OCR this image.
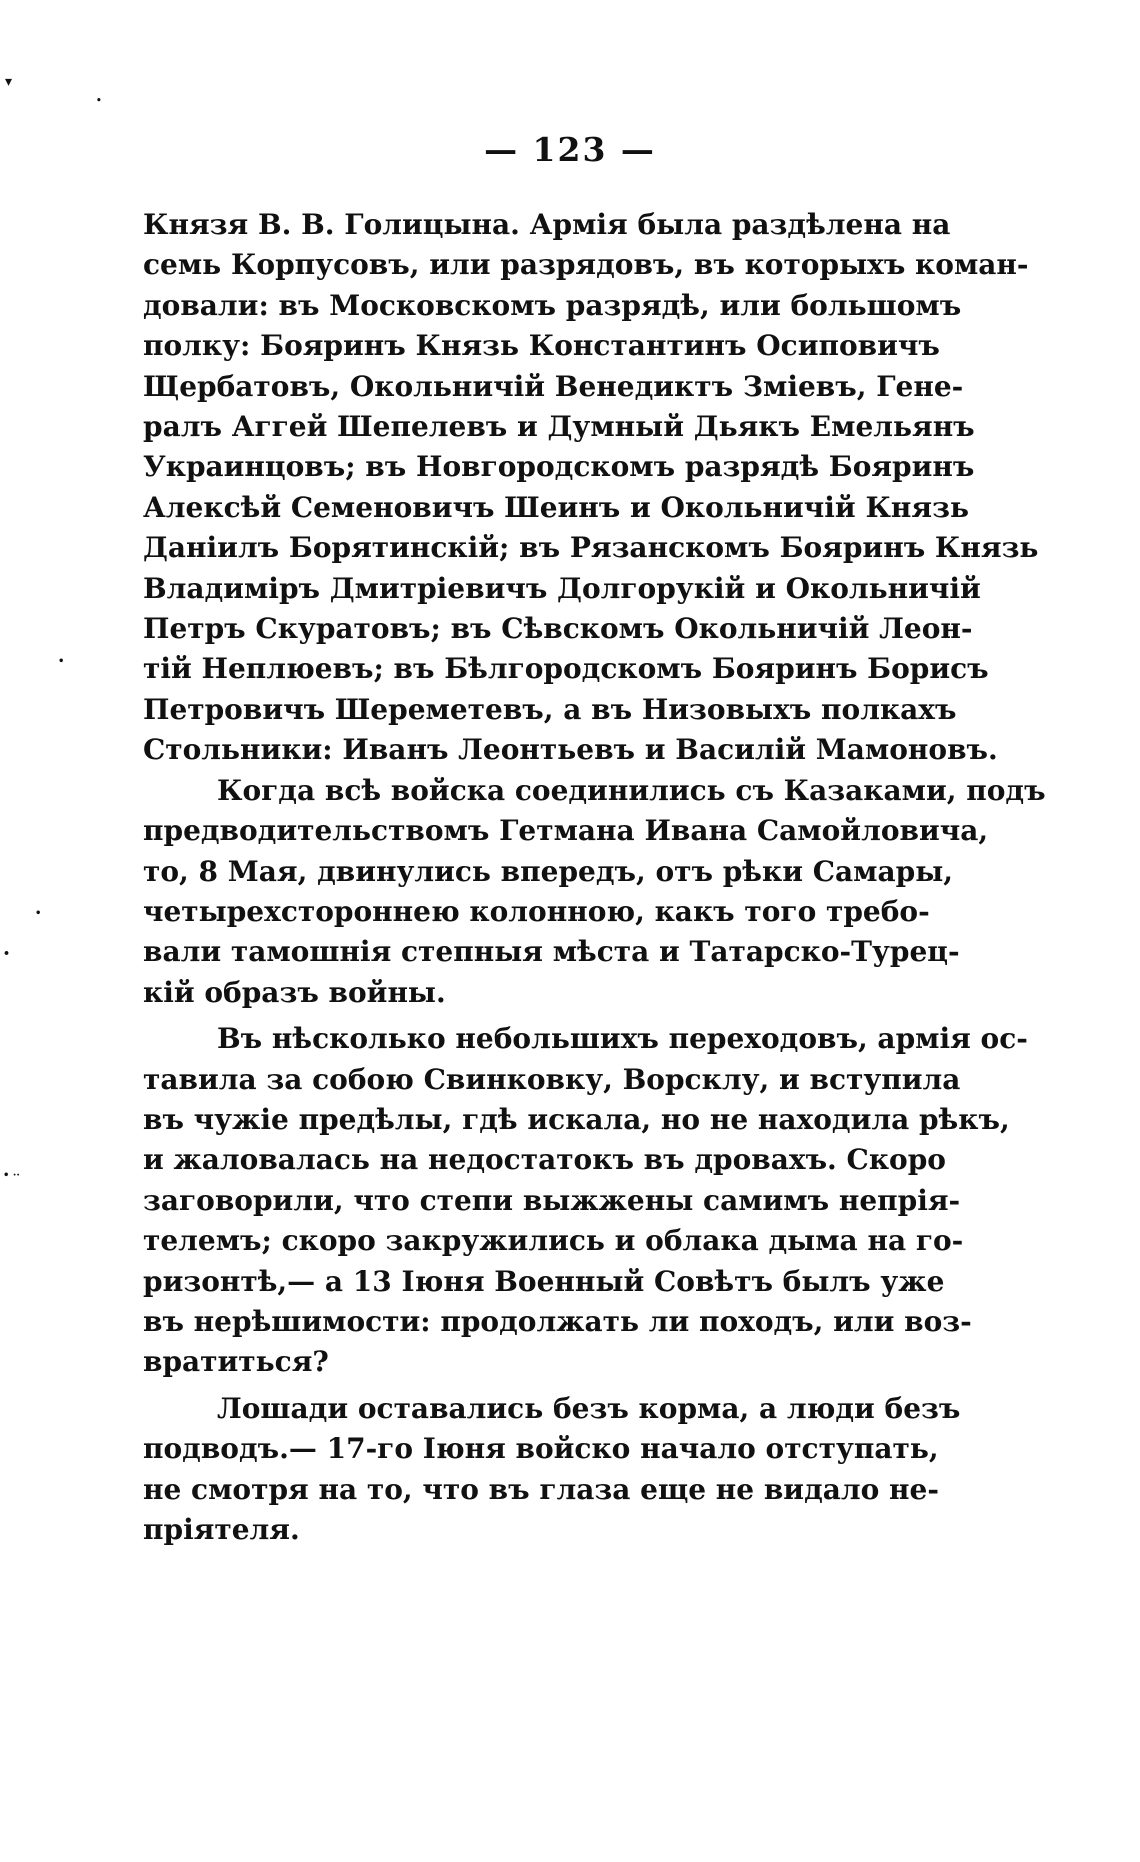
▾
•
•
•
•
• ··
— 123 —
Князя В. В. Голицына. Армія была раздѣлена на
семь Корпусовъ, или разрядовъ, въ которыхъ коман-
довали: въ Московскомъ разрядѣ, или большомъ
полку: Бояринъ Князь Константинъ Осиповичъ
Щербатовъ, Окольничій Венедиктъ Зміевъ, Гене-
ралъ Аггей Шепелевъ и Думный Дьякъ Емельянъ
Украинцовъ; въ Новгородскомъ разрядѣ Бояринъ
Алексѣй Семеновичъ Шеинъ и Окольничій Князь
Даніилъ Борятинскій; въ Рязанскомъ Бояринъ Князь
Владиміръ Дмитріевичъ Долгорукій и Окольничій
Петръ Скуратовъ; въ Сѣвскомъ Окольничій Леон-
тій Неплюевъ; въ Бѣлгородскомъ Бояринъ Борисъ
Петровичъ Шереметевъ, а въ Низовыхъ полкахъ
Стольники: Иванъ Леонтьевъ и Василій Мамоновъ.
Когда всѣ войска соединились съ Казаками, подъ
предводительствомъ Гетмана Ивана Самойловича,
то, 8 Мая, двинулись впередъ, отъ рѣки Самары,
четырехстороннею колонною, какъ того требо-
вали тамошнія степныя мѣста и Татарско-Турец-
кій образъ войны.
Въ нѣсколько небольшихъ переходовъ, армія ос-
тавила за собою Свинковку, Ворсклу, и вступила
въ чужіе предѣлы, гдѣ искала, но не находила рѣкъ,
и жаловалась на недостатокъ въ дровахъ. Скоро
заговорили, что степи выжжены самимъ непрія-
телемъ; скоро закружились и облака дыма на го-
ризонтѣ,— а 13 Іюня Военный Совѣтъ былъ уже
въ нерѣшимости: продолжать ли походъ, или воз-
вратиться?
Лошади оставались безъ корма, а люди безъ
подводъ.— 17-го Іюня войско начало отступать,
не смотря на то, что въ глаза еще не видало не-
пріятеля.
